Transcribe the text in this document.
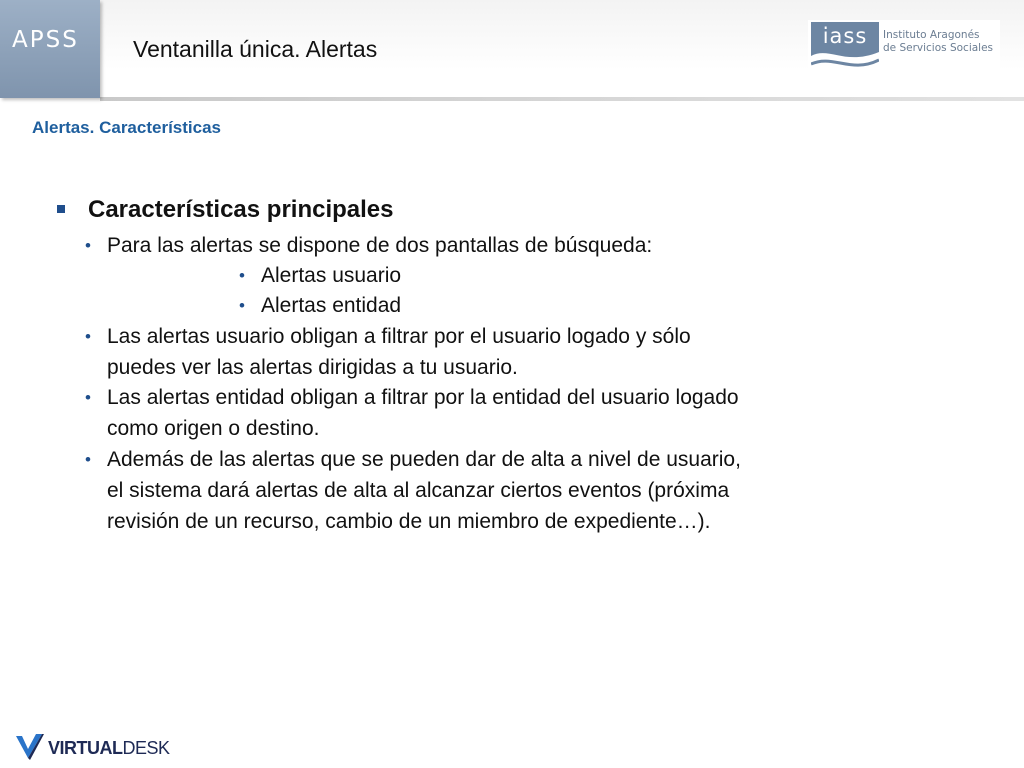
APSS Ventanilla única. Alertas	iass	Instituto Aragonés
de Servicios Sociales
Alertas. Características
Características principales
• Para las alertas se dispone de dos pantallas de búsqueda:
• Alertas usuario
• Alertas entidad
• Las alertas usuario obligan a filtrar por el usuario logado y sólo
puedes ver las alertas dirigidas a tu usuario.
• Las alertas entidad obligan a filtrar por la entidad del usuario logado
como origen o destino.
• Además de las alertas que se pueden dar de alta a nivel de usuario,
el sistema dará alertas de alta al alcanzar ciertos eventos (próxima
revisión de un recurso, cambio de un miembro de expediente…).
VIRTUALDESK
